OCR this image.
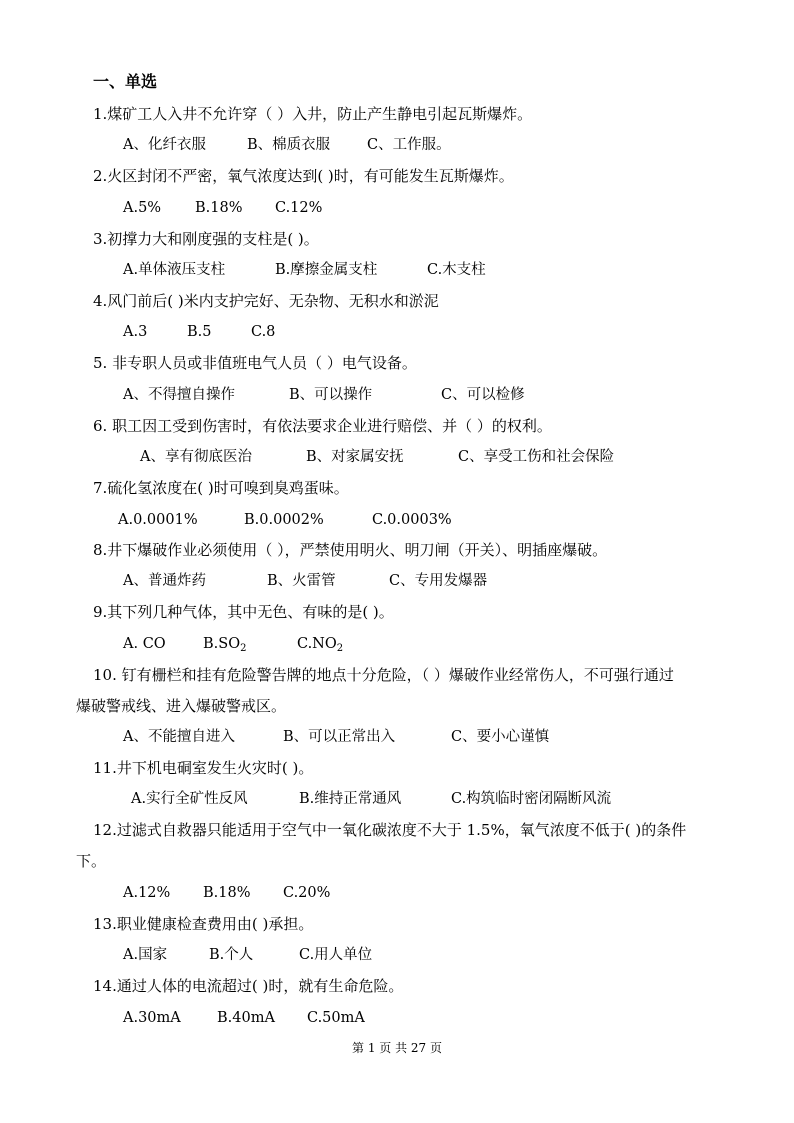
一、单选
1.煤矿工人入井不允许穿（ ）入井，防止产生静电引起瓦斯爆炸。
A、化纤衣服	B、棉质衣服	C、工作服。
2.火区封闭不严密，氧气浓度达到( )时，有可能发生瓦斯爆炸。
A.5% B.18% C.12%
3.初撑力大和刚度强的支柱是( )。
A.单体液压支柱	B.摩擦金属支柱	C.木支柱
4.风门前后( )米内支护完好、无杂物、无积水和淤泥
A.3	B.5	C.8
5. 非专职人员或非值班电气人员（ ）电气设备。
A、不得擅自操作	B、可以操作	C、可以检修
6. 职工因工受到伤害时，有依法要求企业进行赔偿、并（ ）的权利。
A、享有彻底医治	B、对家属安抚	C、享受工伤和社会保险
7.硫化氢浓度在( )时可嗅到臭鸡蛋味。
A.0.0001%	B.0.0002%	C.0.0003%
8.井下爆破作业必须使用（ ），严禁使用明火、明刀闸（开关）、明插座爆破。
A、普通炸药	B、火雷管	C、专用发爆器
9.其下列几种气体，其中无色、有味的是( )。
A. CO	$B.SO_2$	$C.NO_2$
10. 钉有栅栏和挂有危险警告牌的地点十分危险，（ ）爆破作业经常伤人，不可强行通过
爆破警戒线、进入爆破警戒区。
A、不能擅自进入	B、可以正常出入	C、要小心谨慎
11.井下机电硐室发生火灾时( )。
A.实行全矿性反风	B.维持正常通风	C.构筑临时密闭隔断风流
12.过滤式自救器只能适用于空气中一氧化碳浓度不大于 1.5%，氧气浓度不低于( )的条件
下。
A.12% B.18% C.20%
13.职业健康检查费用由( )承担。
A.国家	B.个人	C.用人单位
14.通过人体的电流超过( )时，就有生命危险。
A.30mA B.40mA C.50mA
第 1 页 共 27 页
